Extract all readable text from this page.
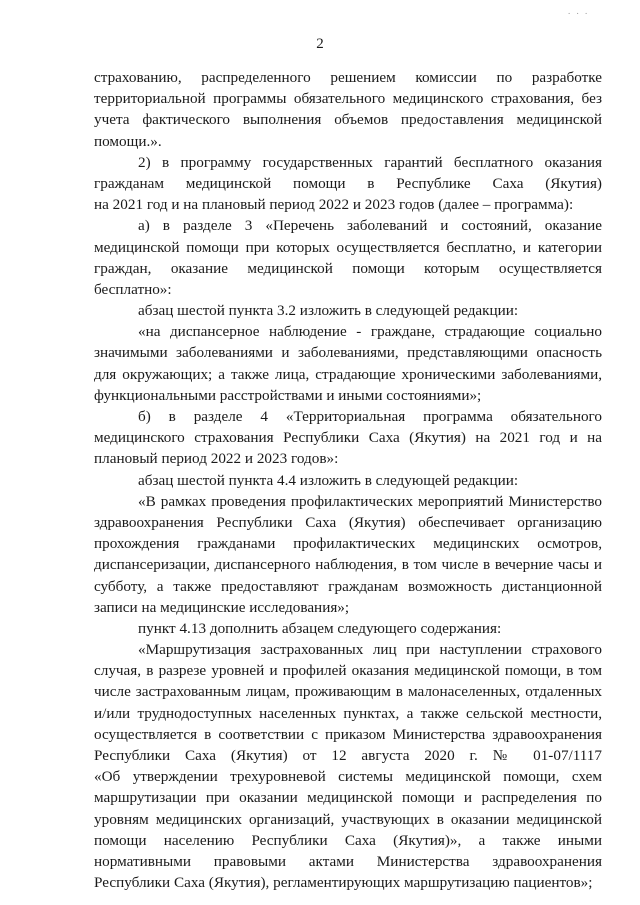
. . .
2
страхованию, распределенного решением комиссии по разработке
территориальной программы обязательного медицинского страхования, без
учета фактического выполнения объемов предоставления медицинской
помощи.».
2) в программу государственных гарантий бесплатного оказания
гражданам медицинской помощи в Республике Саха (Якутия)
на 2021 год и на плановый период 2022 и 2023 годов (далее – программа):
а) в разделе 3 «Перечень заболеваний и состояний, оказание
медицинской помощи при которых осуществляется бесплатно, и категории
граждан, оказание медицинской помощи которым осуществляется
бесплатно»:
абзац шестой пункта 3.2 изложить в следующей редакции:
«на диспансерное наблюдение - граждане, страдающие социально
значимыми заболеваниями и заболеваниями, представляющими опасность
для окружающих; а также лица, страдающие хроническими заболеваниями,
функциональными расстройствами и иными состояниями»;
б) в разделе 4 «Территориальная программа обязательного
медицинского страхования Республики Саха (Якутия) на 2021 год и на
плановый период 2022 и 2023 годов»:
абзац шестой пункта 4.4 изложить в следующей редакции:
«В рамках проведения профилактических мероприятий Министерство
здравоохранения Республики Саха (Якутия) обеспечивает организацию
прохождения гражданами профилактических медицинских осмотров,
диспансеризации, диспансерного наблюдения, в том числе в вечерние часы и
субботу, а также предоставляют гражданам возможность дистанционной
записи на медицинские исследования»;
пункт 4.13 дополнить абзацем следующего содержания:
«Маршрутизация застрахованных лиц при наступлении страхового
случая, в разрезе уровней и профилей оказания медицинской помощи, в том
числе застрахованным лицам, проживающим в малонаселенных, отдаленных
и/или труднодоступных населенных пунктах, а также сельской местности,
осуществляется в соответствии с приказом Министерства здравоохранения
Республики Саха (Якутия) от 12 августа 2020 г. № 01-07/1117
«Об утверждении трехуровневой системы медицинской помощи, схем
маршрутизации при оказании медицинской помощи и распределения по
уровням медицинских организаций, участвующих в оказании медицинской
помощи населению Республики Саха (Якутия)», а также иными
нормативными правовыми актами Министерства здравоохранения
Республики Саха (Якутия), регламентирующих маршрутизацию пациентов»;
